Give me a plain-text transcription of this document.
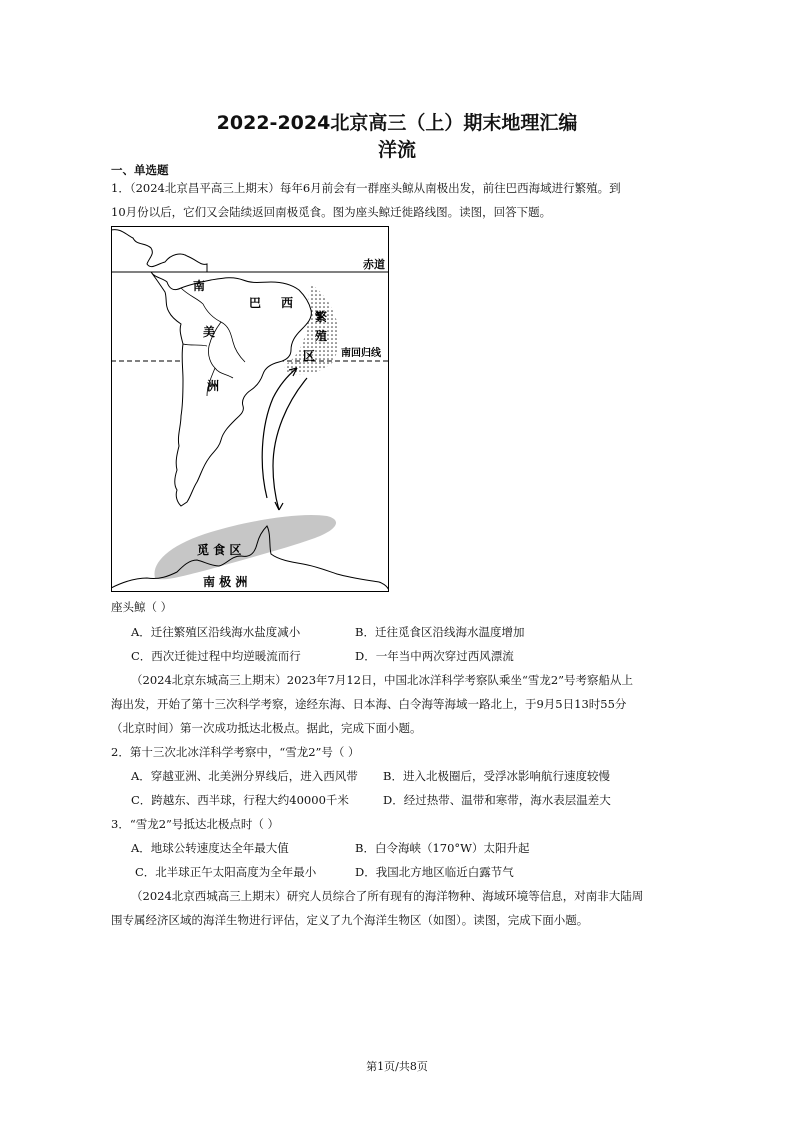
2022-2024北京高三（上）期末地理汇编
洋流
一、单选题
1．（2024北京昌平高三上期末）每年6月前会有一群座头鲸从南极出发，前往巴西海域进行繁殖。到
10月份以后，它们又会陆续返回南极觅食。图为座头鲸迁徙路线图。读图，回答下题。
赤道
南回归线
南
巴 西
美
洲
繁
殖
区
觅 食 区
南 极 洲
座头鲸（ ）
A．迁往繁殖区沿线海水盐度减小	B．迁往觅食区沿线海水温度增加
C．西次迁徙过程中均逆暖流而行	D．一年当中两次穿过西风漂流
（2024北京东城高三上期末）2023年7月12日，中国北冰洋科学考察队乘坐“雪龙2”号考察船从上
海出发，开始了第十三次科学考察，途经东海、日本海、白令海等海域一路北上，于9月5日13时55分
（北京时间）第一次成功抵达北极点。据此，完成下面小题。
2．第十三次北冰洋科学考察中，“雪龙2”号（ ）
A．穿越亚洲、北美洲分界线后，进入西风带 B．进入北极圈后，受浮冰影响航行速度较慢
C．跨越东、西半球，行程大约40000千米	D．经过热带、温带和寒带，海水表层温差大
3．“雪龙2”号抵达北极点时（ ）
A．地球公转速度达全年最大值	B．白令海峡（170°W）太阳升起
C．北半球正午太阳高度为全年最小	D．我国北方地区临近白露节气
（2024北京西城高三上期末）研究人员综合了所有现有的海洋物种、海域环境等信息，对南非大陆周
围专属经济区域的海洋生物进行评估，定义了九个海洋生物区（如图）。读图，完成下面小题。
第1页/共8页
